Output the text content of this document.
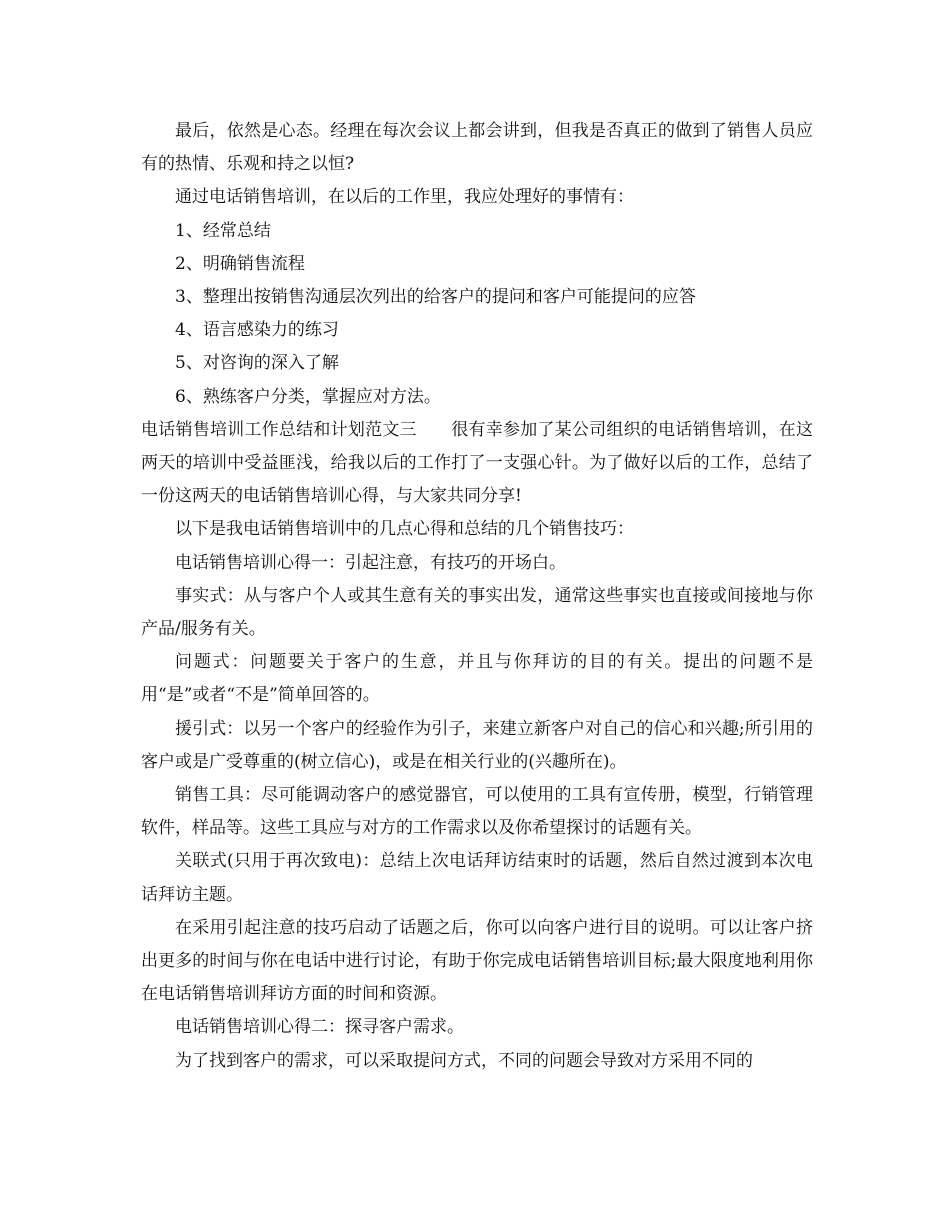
最后，依然是心态。经理在每次会议上都会讲到，但我是否真正的做到了销售人员应有的热情、乐观和持之以恒?

通过电话销售培训，在以后的工作里，我应处理好的事情有：

1、经常总结

2、明确销售流程

3、整理出按销售沟通层次列出的给客户的提问和客户可能提问的应答

4、语言感染力的练习

5、对咨询的深入了解

6、熟练客户分类，掌握应对方法。

电话销售培训工作总结和计划范文三　　很有幸参加了某公司组织的电话销售培训，在这两天的培训中受益匪浅，给我以后的工作打了一支强心针。为了做好以后的工作，总结了一份这两天的电话销售培训心得，与大家共同分享!

以下是我电话销售培训中的几点心得和总结的几个销售技巧：

电话销售培训心得一：引起注意，有技巧的开场白。

事实式：从与客户个人或其生意有关的事实出发，通常这些事实也直接或间接地与你产品/服务有关。

问题式：问题要关于客户的生意，并且与你拜访的目的有关。提出的问题不是用“是”或者“不是”简单回答的。

援引式：以另一个客户的经验作为引子，来建立新客户对自己的信心和兴趣;所引用的客户或是广受尊重的(树立信心)，或是在相关行业的(兴趣所在)。

销售工具：尽可能调动客户的感觉器官，可以使用的工具有宣传册，模型，行销管理软件，样品等。这些工具应与对方的工作需求以及你希望探讨的话题有关。

关联式(只用于再次致电)：总结上次电话拜访结束时的话题，然后自然过渡到本次电话拜访主题。

在采用引起注意的技巧启动了话题之后，你可以向客户进行目的说明。可以让客户挤出更多的时间与你在电话中进行讨论，有助于你完成电话销售培训目标;最大限度地利用你在电话销售培训拜访方面的时间和资源。

电话销售培训心得二：探寻客户需求。

为了找到客户的需求，可以采取提问方式，不同的问题会导致对方采用不同的
